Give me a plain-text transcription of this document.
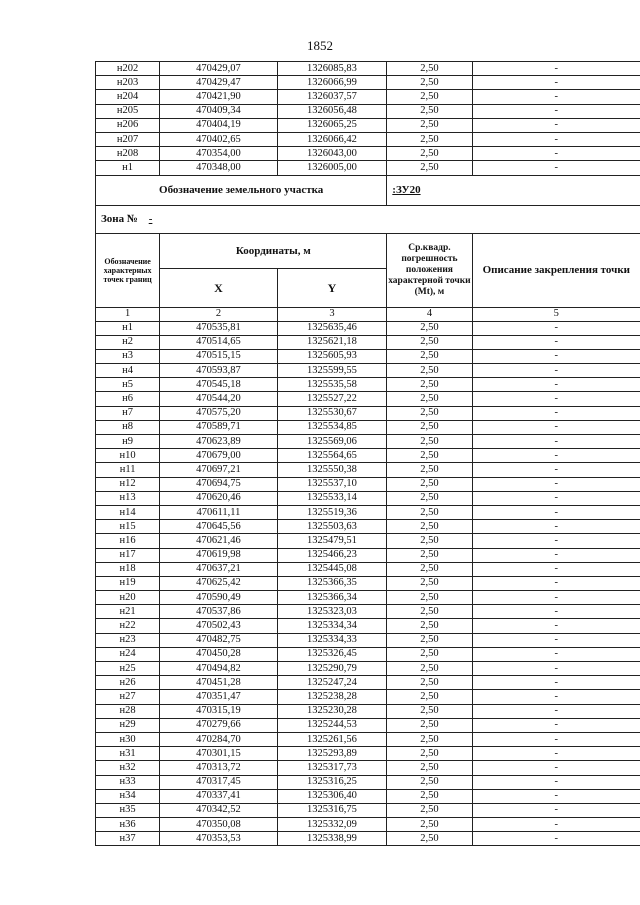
1852
н202	470429,07	1326085,83	2,50	-
н203	470429,47	1326066,99	2,50	-
н204	470421,90	1326037,57	2,50	-
н205	470409,34	1326056,48	2,50	-
н206	470404,19	1326065,25	2,50	-
н207	470402,65	1326066,42	2,50	-
н208	470354,00	1326043,00	2,50	-
н1	470348,00	1326005,00	2,50	-
Обозначение земельного участка			:ЗУ20	
Зона № -				
Обозначение характерных точек границ	Координаты, м		Ср.квадр. погрешность положения характерной точки (Mt), м	Описание закрепления точки
	X	Y		
1	2	3	4	5
н1	470535,81	1325635,46	2,50	-
н2	470514,65	1325621,18	2,50	-
н3	470515,15	1325605,93	2,50	-
н4	470593,87	1325599,55	2,50	-
н5	470545,18	1325535,58	2,50	-
н6	470544,20	1325527,22	2,50	-
н7	470575,20	1325530,67	2,50	-
н8	470589,71	1325534,85	2,50	-
н9	470623,89	1325569,06	2,50	-
н10	470679,00	1325564,65	2,50	-
н11	470697,21	1325550,38	2,50	-
н12	470694,75	1325537,10	2,50	-
н13	470620,46	1325533,14	2,50	-
н14	470611,11	1325519,36	2,50	-
н15	470645,56	1325503,63	2,50	-
н16	470621,46	1325479,51	2,50	-
н17	470619,98	1325466,23	2,50	-
н18	470637,21	1325445,08	2,50	-
н19	470625,42	1325366,35	2,50	-
н20	470590,49	1325366,34	2,50	-
н21	470537,86	1325323,03	2,50	-
н22	470502,43	1325334,34	2,50	-
н23	470482,75	1325334,33	2,50	-
н24	470450,28	1325326,45	2,50	-
н25	470494,82	1325290,79	2,50	-
н26	470451,28	1325247,24	2,50	-
н27	470351,47	1325238,28	2,50	-
н28	470315,19	1325230,28	2,50	-
н29	470279,66	1325244,53	2,50	-
н30	470284,70	1325261,56	2,50	-
н31	470301,15	1325293,89	2,50	-
н32	470313,72	1325317,73	2,50	-
н33	470317,45	1325316,25	2,50	-
н34	470337,41	1325306,40	2,50	-
н35	470342,52	1325316,75	2,50	-
н36	470350,08	1325332,09	2,50	-
н37	470353,53	1325338,99	2,50	-
